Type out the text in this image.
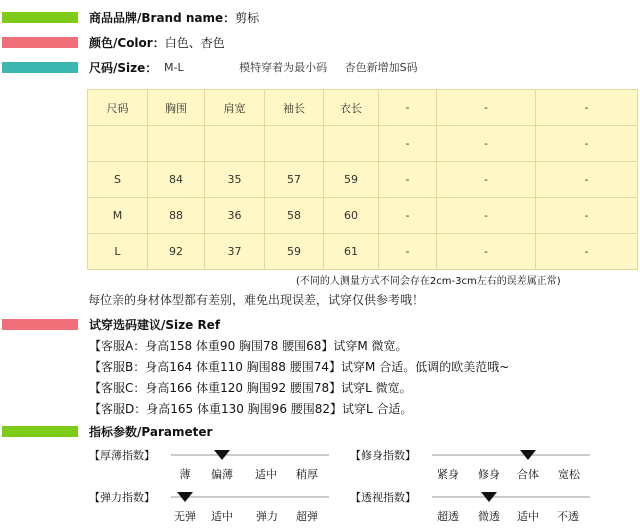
商品品牌/Brand name：剪标
颜色/Color：白色、杏色
尺码/Size： M-L	模特穿着为最小码 杏色新增加S码
尺码	胸围	肩宽	袖长	衣长	-	-	-
					-	-	-
S	84	35	57	59	-	-	-
M	88	36	58	60	-	-	-
L	92	37	59	61	-	-	-
(不同的人测量方式不同会存在2cm-3cm左右的误差属正常)
每位亲的身材体型都有差别，难免出现误差，试穿仅供参考哦！
试穿选码建议/Size Ref
【客服A：身高158 体重90 胸围78 腰围68】试穿M 微宽。
【客服B：身高164 体重110 胸围88 腰围74】试穿M 合适。低调的欧美范哦~
【客服C：身高166 体重120 胸围92 腰围78】试穿L 微宽。
【客服D：身高165 体重130 胸围96 腰围82】试穿L 合适。
指标参数/Parameter
【厚薄指数】
薄 偏薄 适中 稍厚
【修身指数】
紧身 修身 合体 宽松
【弹力指数】
无弹 适中 弹力 超弹
【透视指数】
超透 微透 适中 不透
